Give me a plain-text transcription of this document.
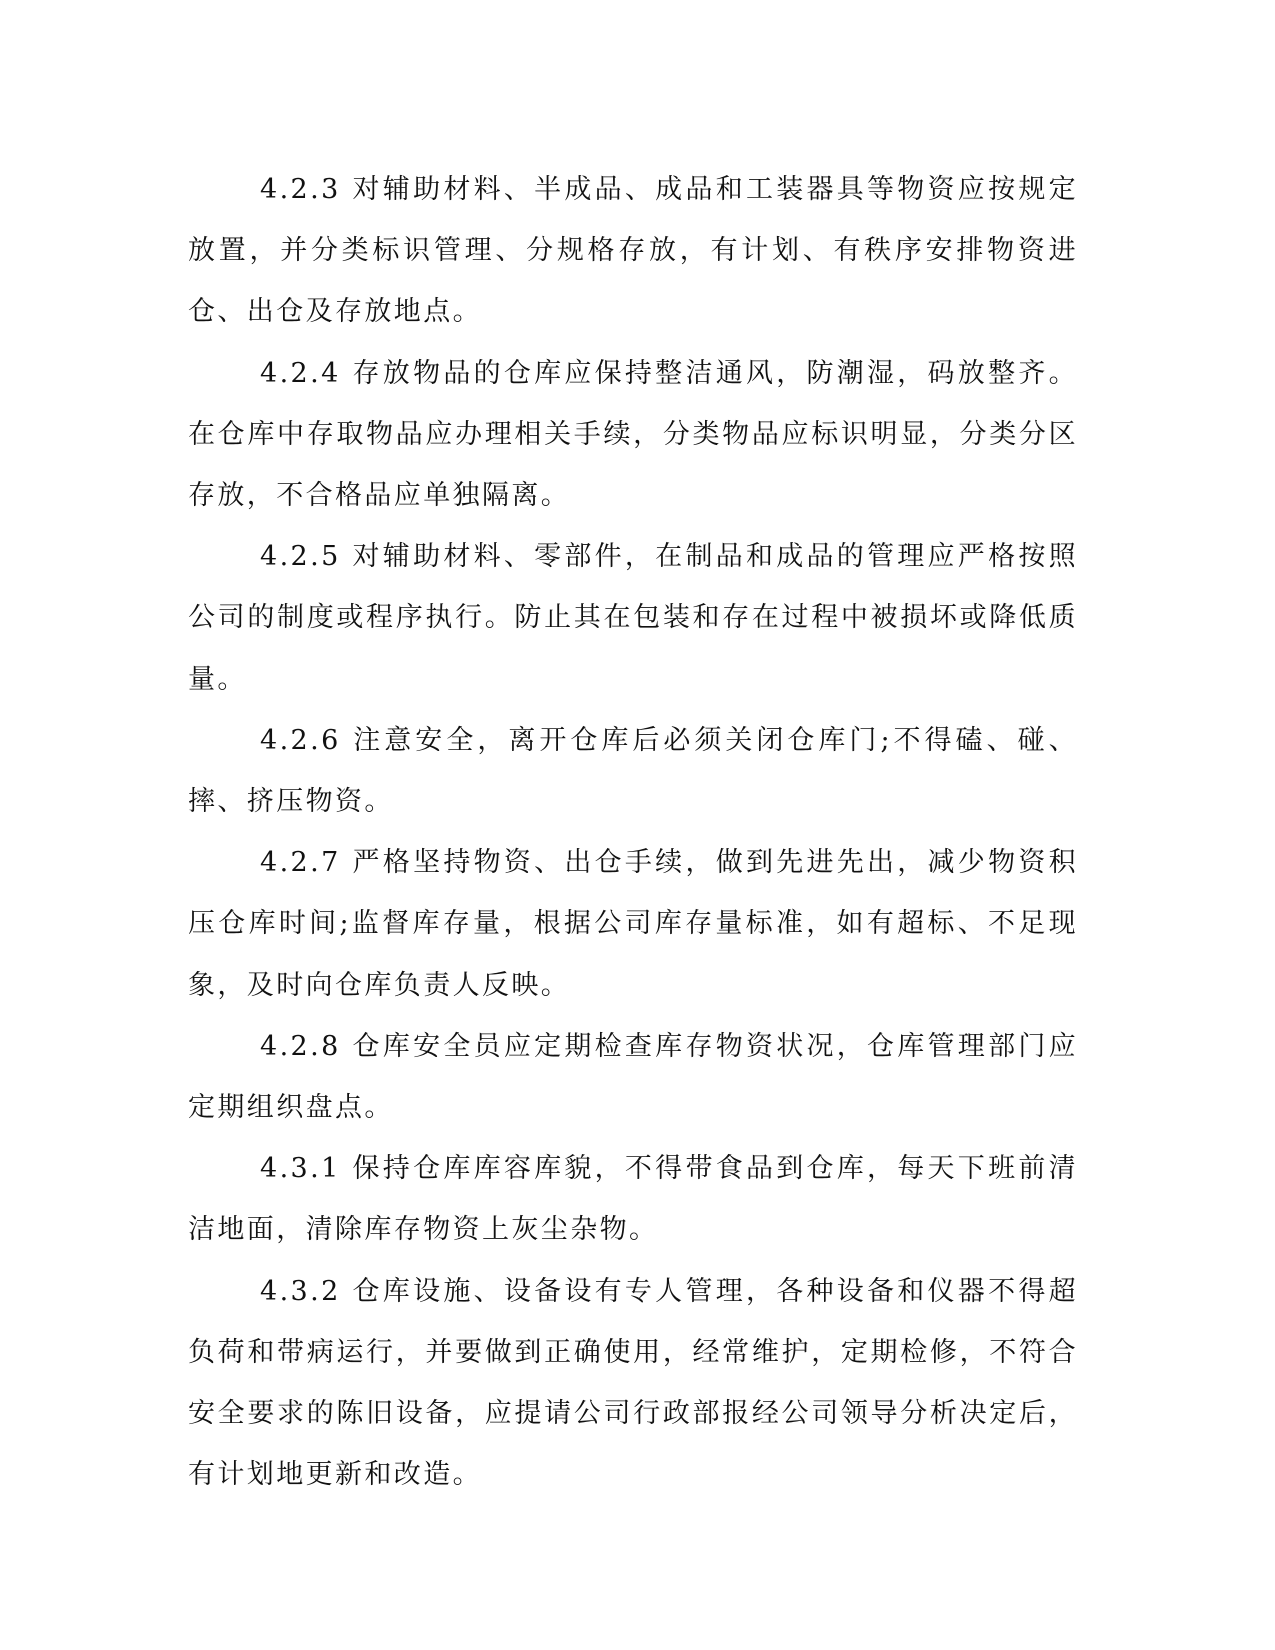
4.2.3 对辅助材料、半成品、成品和工装器具等物资应按规定放置，并分类标识管理、分规格存放，有计划、有秩序安排物资进仓、出仓及存放地点。

4.2.4 存放物品的仓库应保持整洁通风，防潮湿，码放整齐。在仓库中存取物品应办理相关手续，分类物品应标识明显，分类分区存放，不合格品应单独隔离。

4.2.5 对辅助材料、零部件，在制品和成品的管理应严格按照公司的制度或程序执行。防止其在包装和存在过程中被损坏或降低质量。

4.2.6 注意安全，离开仓库后必须关闭仓库门;不得磕、碰、摔、挤压物资。

4.2.7 严格坚持物资、出仓手续，做到先进先出，减少物资积压仓库时间;监督库存量，根据公司库存量标准，如有超标、不足现象，及时向仓库负责人反映。

4.2.8 仓库安全员应定期检查库存物资状况，仓库管理部门应定期组织盘点。

4.3.1 保持仓库库容库貌，不得带食品到仓库，每天下班前清洁地面，清除库存物资上灰尘杂物。

4.3.2 仓库设施、设备设有专人管理，各种设备和仪器不得超负荷和带病运行，并要做到正确使用，经常维护，定期检修，不符合安全要求的陈旧设备，应提请公司行政部报经公司领导分析决定后，有计划地更新和改造。
